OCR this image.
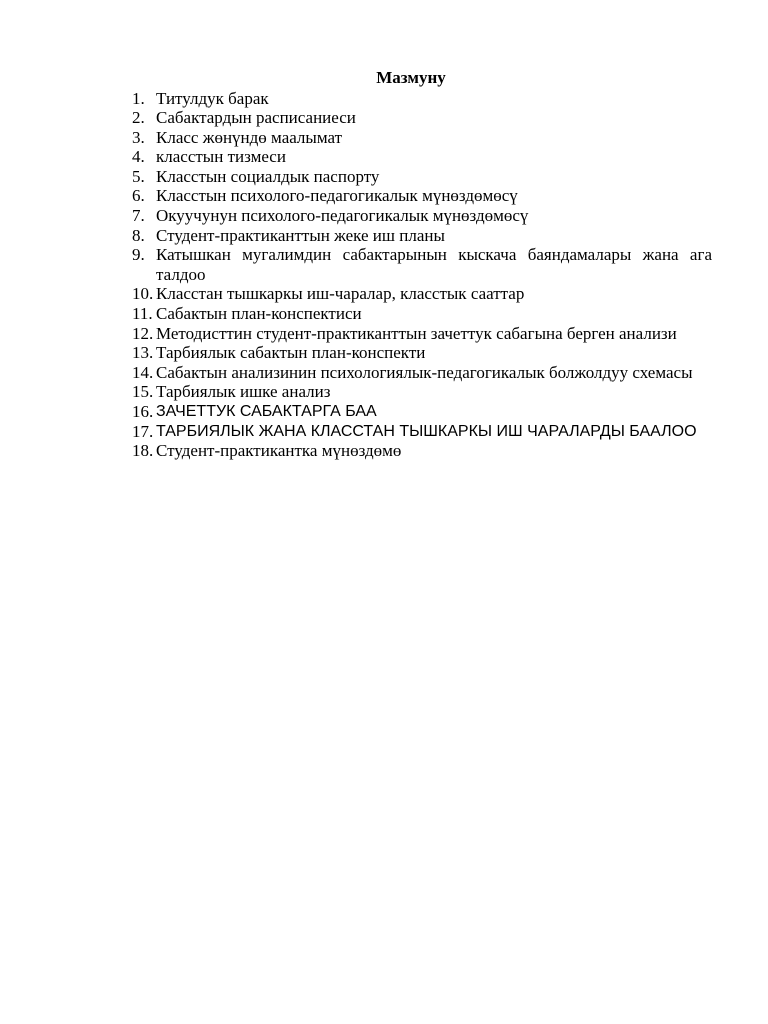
Мазмуну
1. Титулдук барак
2. Сабактардын расписаниеси
3. Класс жөнүндө маалымат
4. класстын тизмеси
5. Класстын социалдык паспорту
6. Класстын психолого-педагогикалык мүнөздөмөсү
7. Окуучунун психолого-педагогикалык мүнөздөмөсү
8. Студент-практиканттын жеке иш планы
9. Катышкан мугалимдин сабактарынын кыскача баяндамалары жана ага талдоо
10. Класстан тышкаркы иш-чаралар, класстык сааттар
11. Сабактын план-конспектиси
12. Методисттин студент-практиканттын зачеттук сабагына берген анализи
13. Тарбиялык сабактын план-конспекти
14. Сабактын анализинин психологиялык-педагогикалык болжолдуу схемасы
15. Тарбиялык ишке анализ
16. ЗАЧЕТТУК САБАКТАРГА БАА
17. ТАРБИЯЛЫК ЖАНА КЛАССТАН ТЫШКАРКЫ ИШ ЧАРАЛАРДЫ БААЛОО
18. Студент-практикантка мүнөздөмө
